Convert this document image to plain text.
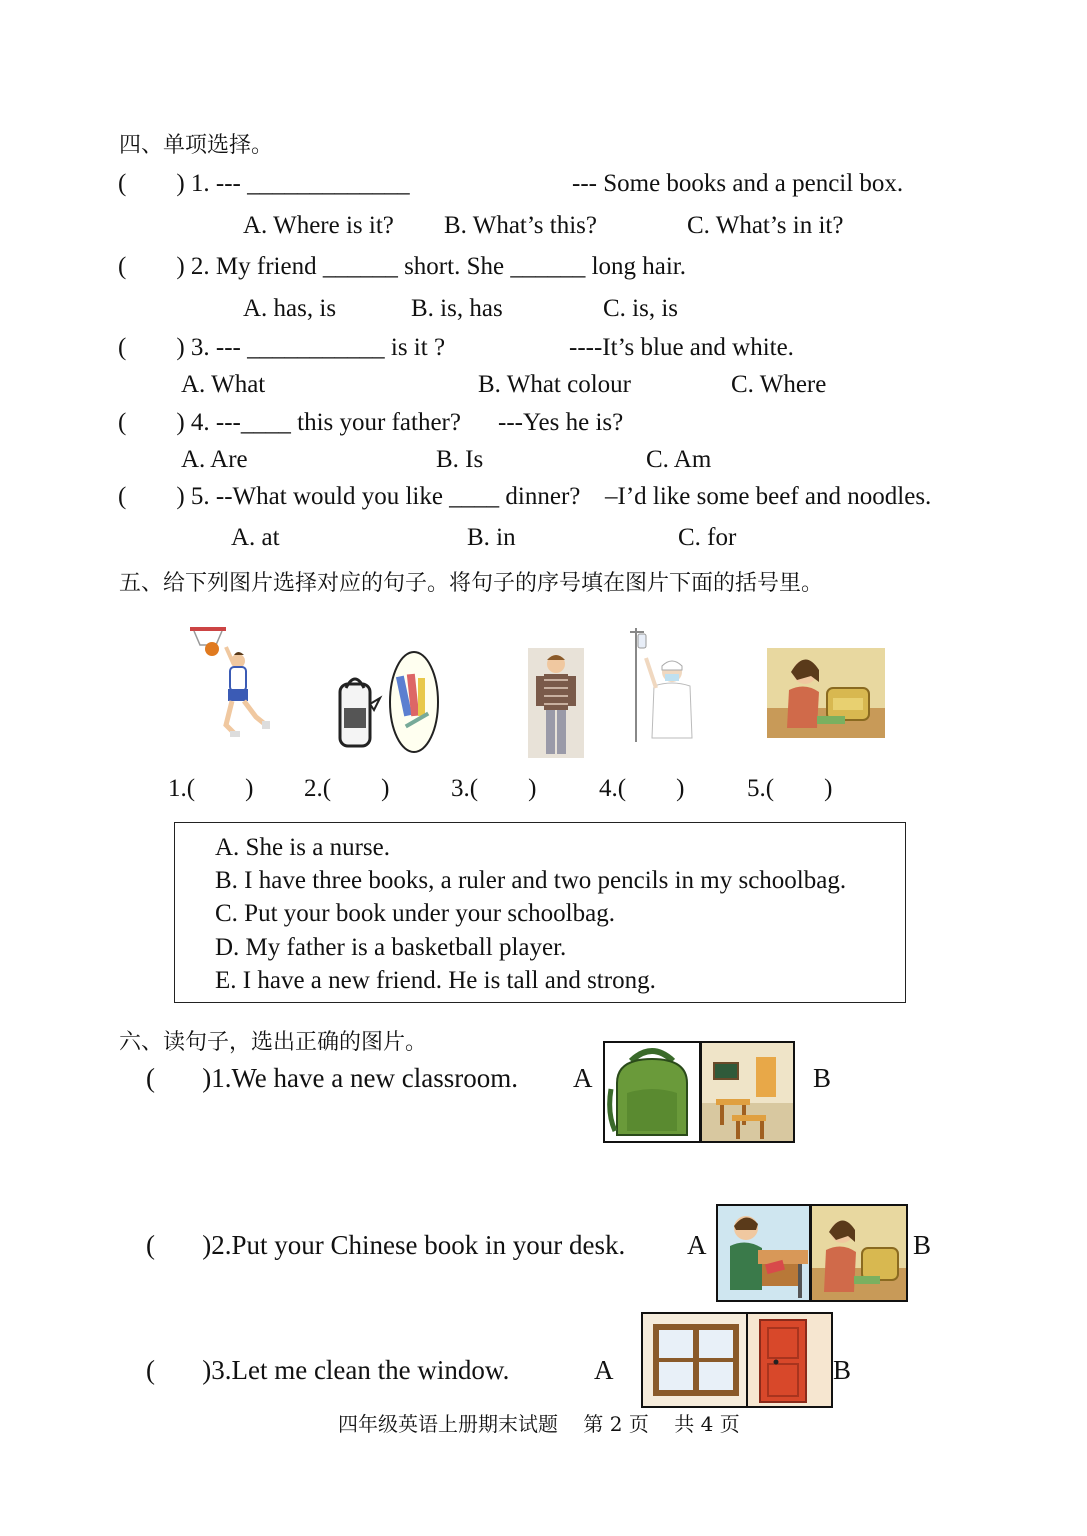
四、单项选择。
(        ) 1. --- _____________	--- Some books and a pencil box.
A. Where is it? B. What’s this?	C. What’s in it?
(        ) 2. My friend ______ short. She ______ long hair.
A. has, is	B. is, has	C. is, is
(        ) 3. --- ___________ is it ?	----It’s blue and white.
A. What	B. What colour	C. Where
(        ) 4. ---____ this your father? ---Yes he is?
A. Are	B. Is	C. Am
(        ) 5. --What would you like ____ dinner? –I’d like some beef and noodles.
A. at	B. in	C. for
五、给下列图片选择对应的句子。将句子的序号填在图片下面的括号里。
1.(        ) 2.(        ) 3.(        )	4.(        )	5.(        )
A. She is a nurse.
B. I have three books, a ruler and two pencils in my schoolbag.
C. Put your book under your schoolbag.
D. My father is a basketball player.
E. I have a new friend. He is tall and strong.
六、读句子，选出正确的图片。
(       )1.We have a new classroom. A	B
(       )2.Put your Chinese book in your desk. A	B
(       )3.Let me clean the window.	A	B
四年级英语上册期末试题    第 2 页    共 4 页
